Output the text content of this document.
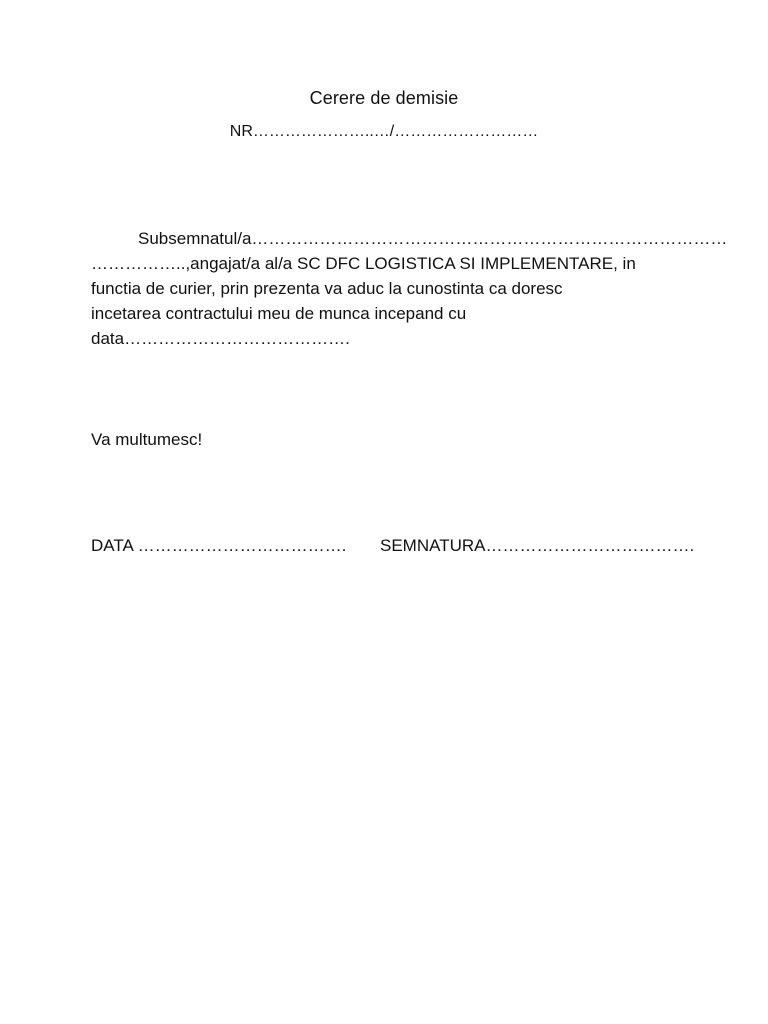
Cerere de demisie
NR…………………..…/………………………
Subsemnatul/a…………………………………………………………………………
……………..,angajat/a al/a SC DFC LOGISTICA SI IMPLEMENTARE, in
functia de curier, prin prezenta va aduc la cunostinta ca doresc
incetarea contractului meu de munca incepand cu
data………………………………….
Va multumesc!
DATA ………………………………. SEMNATURA……………………………….
